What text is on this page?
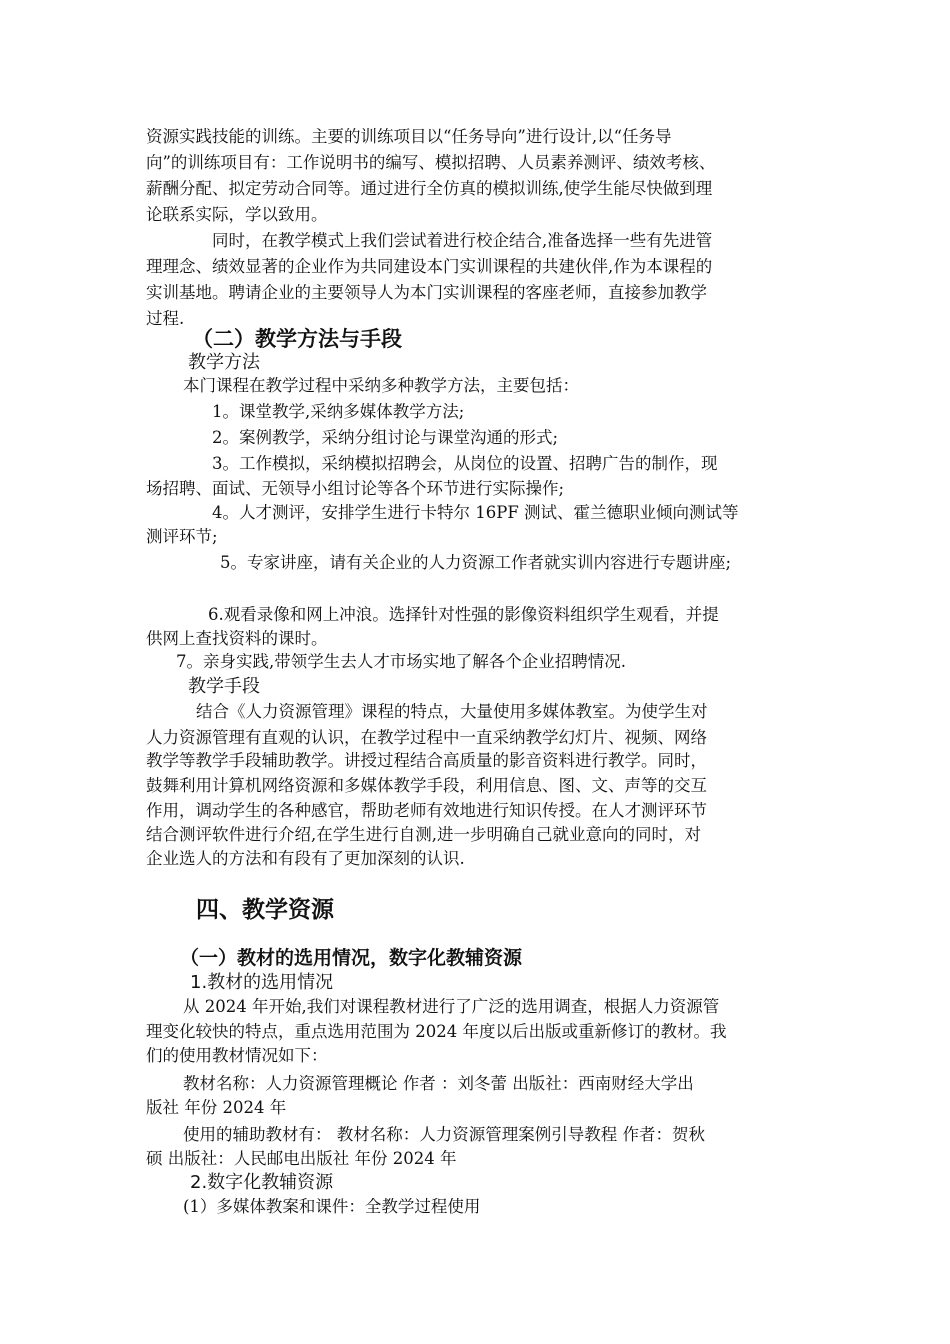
资源实践技能的训练。主要的训练项目以“任务导向”进行设计,以“任务导
向”的训练项目有：工作说明书的编写、模拟招聘、人员素养测评、绩效考核、
薪酬分配、拟定劳动合同等。通过进行全仿真的模拟训练,使学生能尽快做到理
论联系实际，学以致用。
同时，在教学模式上我们尝试着进行校企结合,准备选择一些有先进管
理理念、绩效显著的企业作为共同建设本门实训课程的共建伙伴,作为本课程的
实训基地。聘请企业的主要领导人为本门实训课程的客座老师，直接参加教学
过程.
（二）教学方法与手段
教学方法
本门课程在教学过程中采纳多种教学方法，主要包括：
1。课堂教学,采纳多媒体教学方法;
2。案例教学，采纳分组讨论与课堂沟通的形式;
3。工作模拟，采纳模拟招聘会，从岗位的设置、招聘广告的制作，现
场招聘、面试、无领导小组讨论等各个环节进行实际操作;
4。人才测评，安排学生进行卡特尔 16PF 测试、霍兰德职业倾向测试等
测评环节;
5。专家讲座，请有关企业的人力资源工作者就实训内容进行专题讲座;
6.观看录像和网上冲浪。选择针对性强的影像资料组织学生观看，并提
供网上查找资料的课时。
7。亲身实践,带领学生去人才市场实地了解各个企业招聘情况.
教学手段
结合《人力资源管理》课程的特点，大量使用多媒体教室。为使学生对
人力资源管理有直观的认识，在教学过程中一直采纳教学幻灯片、视频、网络
教学等教学手段辅助教学。讲授过程结合高质量的影音资料进行教学。同时，
鼓舞利用计算机网络资源和多媒体教学手段，利用信息、图、文、声等的交互
作用，调动学生的各种感官，帮助老师有效地进行知识传授。在人才测评环节
结合测评软件进行介绍,在学生进行自测,进一步明确自己就业意向的同时，对
企业选人的方法和有段有了更加深刻的认识.
四、教学资源
（一）教材的选用情况，数字化教辅资源
1.教材的选用情况
从 2024 年开始,我们对课程教材进行了广泛的选用调查，根据人力资源管
理变化较快的特点，重点选用范围为 2024 年度以后出版或重新修订的教材。我
们的使用教材情况如下：
教材名称：人力资源管理概论 作者 ：刘冬蕾 出版社：西南财经大学出
版社 年份 2024 年
使用的辅助教材有： 教材名称：人力资源管理案例引导教程 作者：贺秋
硕 出版社：人民邮电出版社 年份 2024 年
2.数字化教辅资源
(1）多媒体教案和课件：全教学过程使用
